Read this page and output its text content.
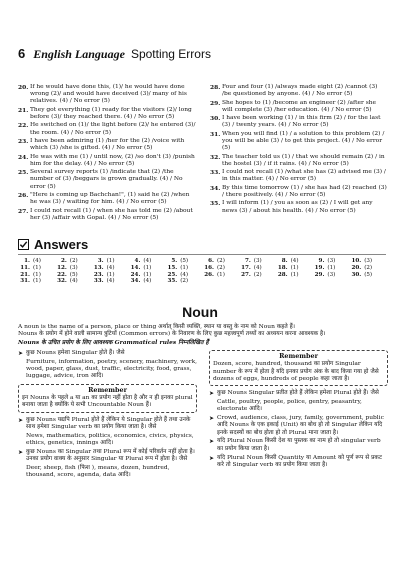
6 English Language Spotting Errors
20. If he would have done this, (1)/ he would have done wrong (2)/ and would have deceived (3)/ many of his relatives. (4) / No error (5)
21. They got everything (1) ready for the visitors (2)/ long before (3)/ they reached there. (4) / No error (5)
22. He switched on (1)/ the light before (2)/ he entered (3)/ the room. (4) / No error (5)
23. I have been admiring (1) /her for the (2) /voice with which (3) /she is gifted. (4) / No error (5)
24. He was with me (1) / until now, (2) /so don't (3) /punish him for the delay. (4) / No error (5)
25. Several survey reports (1) /indicate that (2) /the number of (3) /beggars is grown gradually. (4) / No error (5)
26. "Here is coming up Bachchan!", (1) said he (2) /when he was (3) / waiting for him. (4) / No error (5)
27. I could not recall (1) / when she has told me (2) /about her (3) /affair with Gopal. (4) / No error (5)
28. Four and four (1) /always made eight (2) /cannot (3) /be questioned by anyone. (4) / No error (5)
29. She hopes to (1) /become an engineer (2) /after she will complete (3) /her education. (4) / No error (5)
30. I have been working (1) / in this firm (2) / for the last (3) / twenty years. (4) / No error (5)
31. When you will find (1) / a solution to this problem (2) / you will be able (3) / to get this project. (4) / No error (5)
32. The teacher told us (1) / that we should remain (2) / in the hostel (3) / if it rains. (4) / No error (5)
33. I could not recall (1) /what she has (2) advised me (3) / in this matter. (4) / No error (5)
34. By this time tomorrow (1) / she has had (2) reached (3) / there positively. (4) / No error (5)
35. I will inform (1) / you as soon as (2) / I will get any news (3) / about his health. (4) / No error (5)
Answers
1. (4)	2. (2)	3. (1)	4. (4)	5. (5)	6. (2)	7. (3)	8. (4)	9. (3)	10. (3)
11. (1)	12. (3)	13. (4)	14. (1)	15. (1)	16. (2)	17. (4)	18. (1)	19. (1)	20. (2)
21. (1)	22. (5)	23. (1)	24. (1)	25. (4)	26. (1)	27. (2)	28. (1)	29. (3)	30. (5)
31. (1)	32. (4)	33. (4)	34. (4)	35. (2)
Noun
A noun is the name of a person, place or thing अर्थात् किसी व्यक्ति, स्थान या वस्तु के नाम को Noun कहते हैं।
Nouns के प्रयोग में होने वाली सामान्य त्रुटियों (Common errors) के निवारण के लिए कुछ महत्त्वपूर्ण तथ्यों का अध्ययन करना आवश्यक है।
Nouns के उचित प्रयोग के लिए आवश्यक Grammatical rules निम्नलिखित हैं
➤ कुछ Nouns हमेशा Singular होते हैं। जैसे
Furniture, information, poetry, scenery, machinery, work, wood, paper, glass, dust, traffic, electricity, food, grass, luggage, advice, iron आदि।
Remember
इन Nouns के पहले a या an का प्रयोग नहीं होता है और न ही इनका plural बनाया जाता है क्योंकि ये सभी Uncountable Noun हैं।
➤ कुछ Nouns यद्यपि Plural होते हैं लेकिन ये Singular होते हैं तथा उनके साथ हमेशा Singular verb का प्रयोग किया जाता है। जैसे
News, mathematics, politics, economics, civics, physics, ethics, genetics, innings आदि।
➤ कुछ Nouns का Singular तथा Plural रूप में कोई परिवर्तन नहीं होता है। उनका प्रयोग वाक्य के अनुसार Singular या Plural रूप में होता है। जैसे
Deer, sheep, fish (फिश ), means, dozen, hundred, thousand, score, agenda, data आदि।
Remember
Dozen, score, hundred, thousand का प्रयोग Singular number के रूप में होता है यदि इनका प्रयोग अंक के बाद किया गया हो जैसे dozens of eggs, hundreds of people कहा जाता है।
➤ कुछ Nouns Singular प्रतीत होते हैं लेकिन हमेशा Plural होते हैं। जैसे
Cattle, poultry, people, police, gentry, peasantry, electorate आदि।
➤ Crowd, audience, class, jury, family, government, public आदि Nouns के एक इकाई (Unit) का बोध हो तो Singular लेकिन यदि इनके सदस्यों का बोध होता हो तो Plural माना जाता है।
➤ यदि Plural Noun किसी देश या पुस्तक का नाम हो तो singular verb का प्रयोग किया जाता है।
➤ यदि Plural Noun किसी Quantity या Amount को पूर्ण रूप से प्रकट करे तो Singular verb का प्रयोग किया जाता है।
